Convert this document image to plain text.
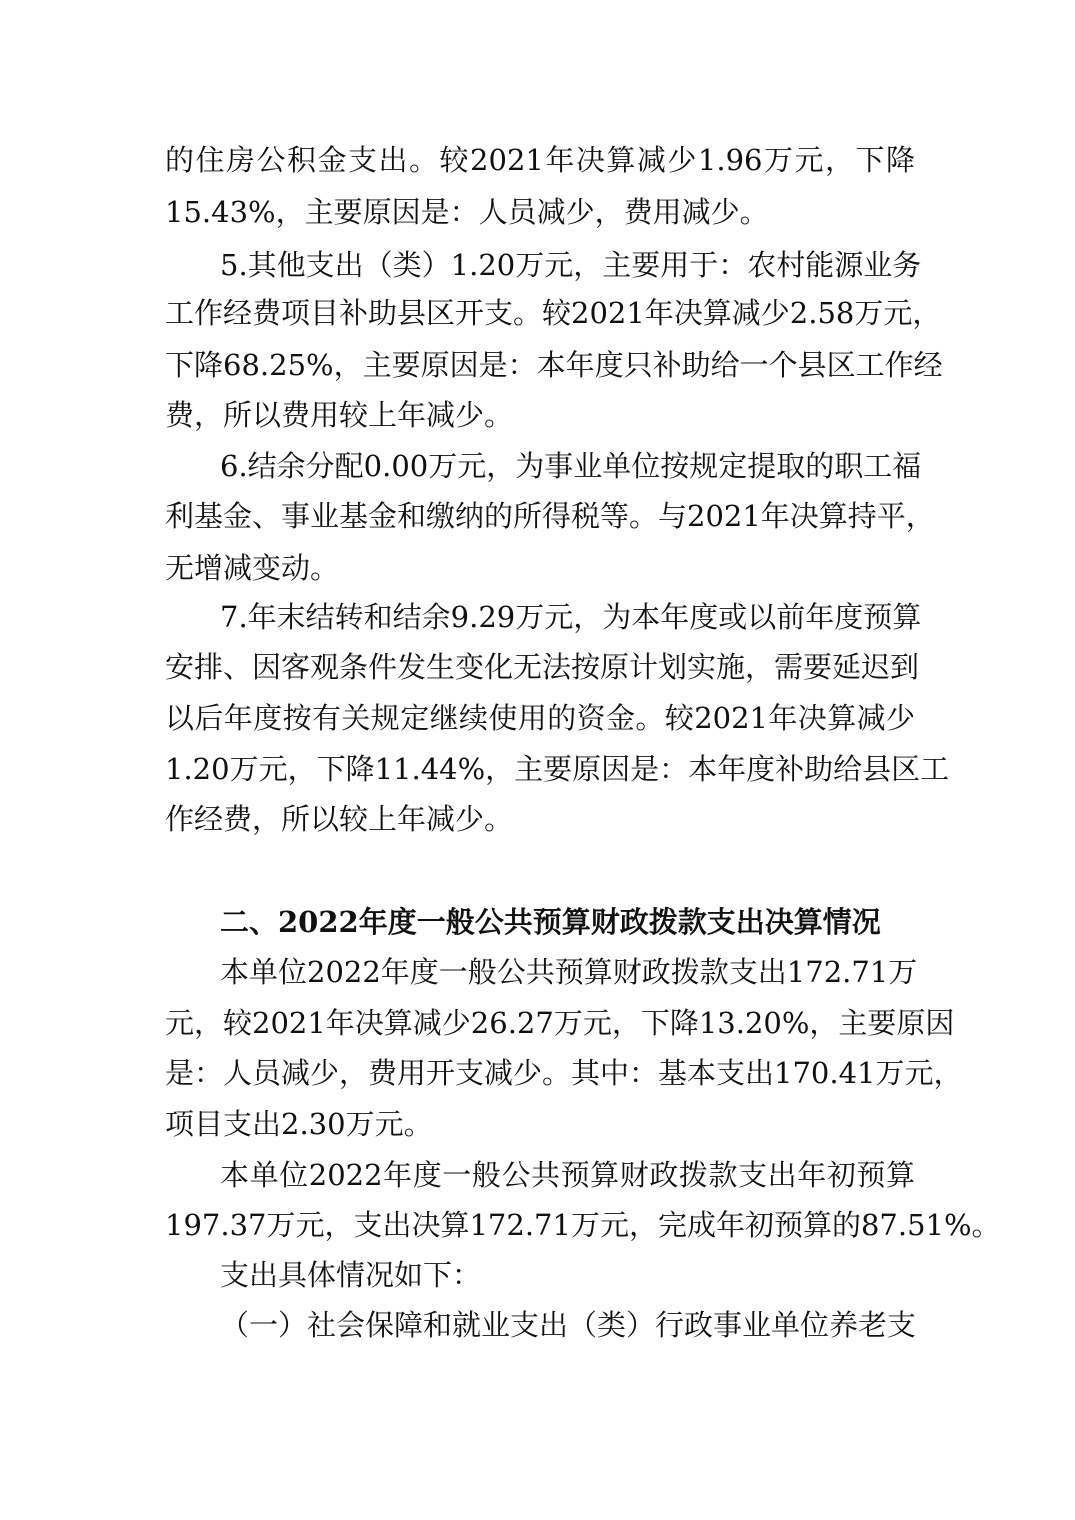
的住房公积金支出。较2021年决算减少1.96万元，下降
15.43%，主要原因是：人员减少，费用减少。
5.其他支出（类）1.20万元，主要用于：农村能源业务
工作经费项目补助县区开支。较2021年决算减少2.58万元，
下降68.25%，主要原因是：本年度只补助给一个县区工作经
费，所以费用较上年减少。
6.结余分配0.00万元，为事业单位按规定提取的职工福
利基金、事业基金和缴纳的所得税等。与2021年决算持平，
无增减变动。
7.年末结转和结余9.29万元，为本年度或以前年度预算
安排、因客观条件发生变化无法按原计划实施，需要延迟到
以后年度按有关规定继续使用的资金。较2021年决算减少
1.20万元，下降11.44%，主要原因是：本年度补助给县区工
作经费，所以较上年减少。
二、2022年度一般公共预算财政拨款支出决算情况
本单位2022年度一般公共预算财政拨款支出172.71万
元，较2021年决算减少26.27万元，下降13.20%，主要原因
是：人员减少，费用开支减少。其中：基本支出170.41万元，
项目支出2.30万元。
本单位2022年度一般公共预算财政拨款支出年初预算
197.37万元，支出决算172.71万元，完成年初预算的87.51%。
支出具体情况如下：
（一）社会保障和就业支出（类）行政事业单位养老支
